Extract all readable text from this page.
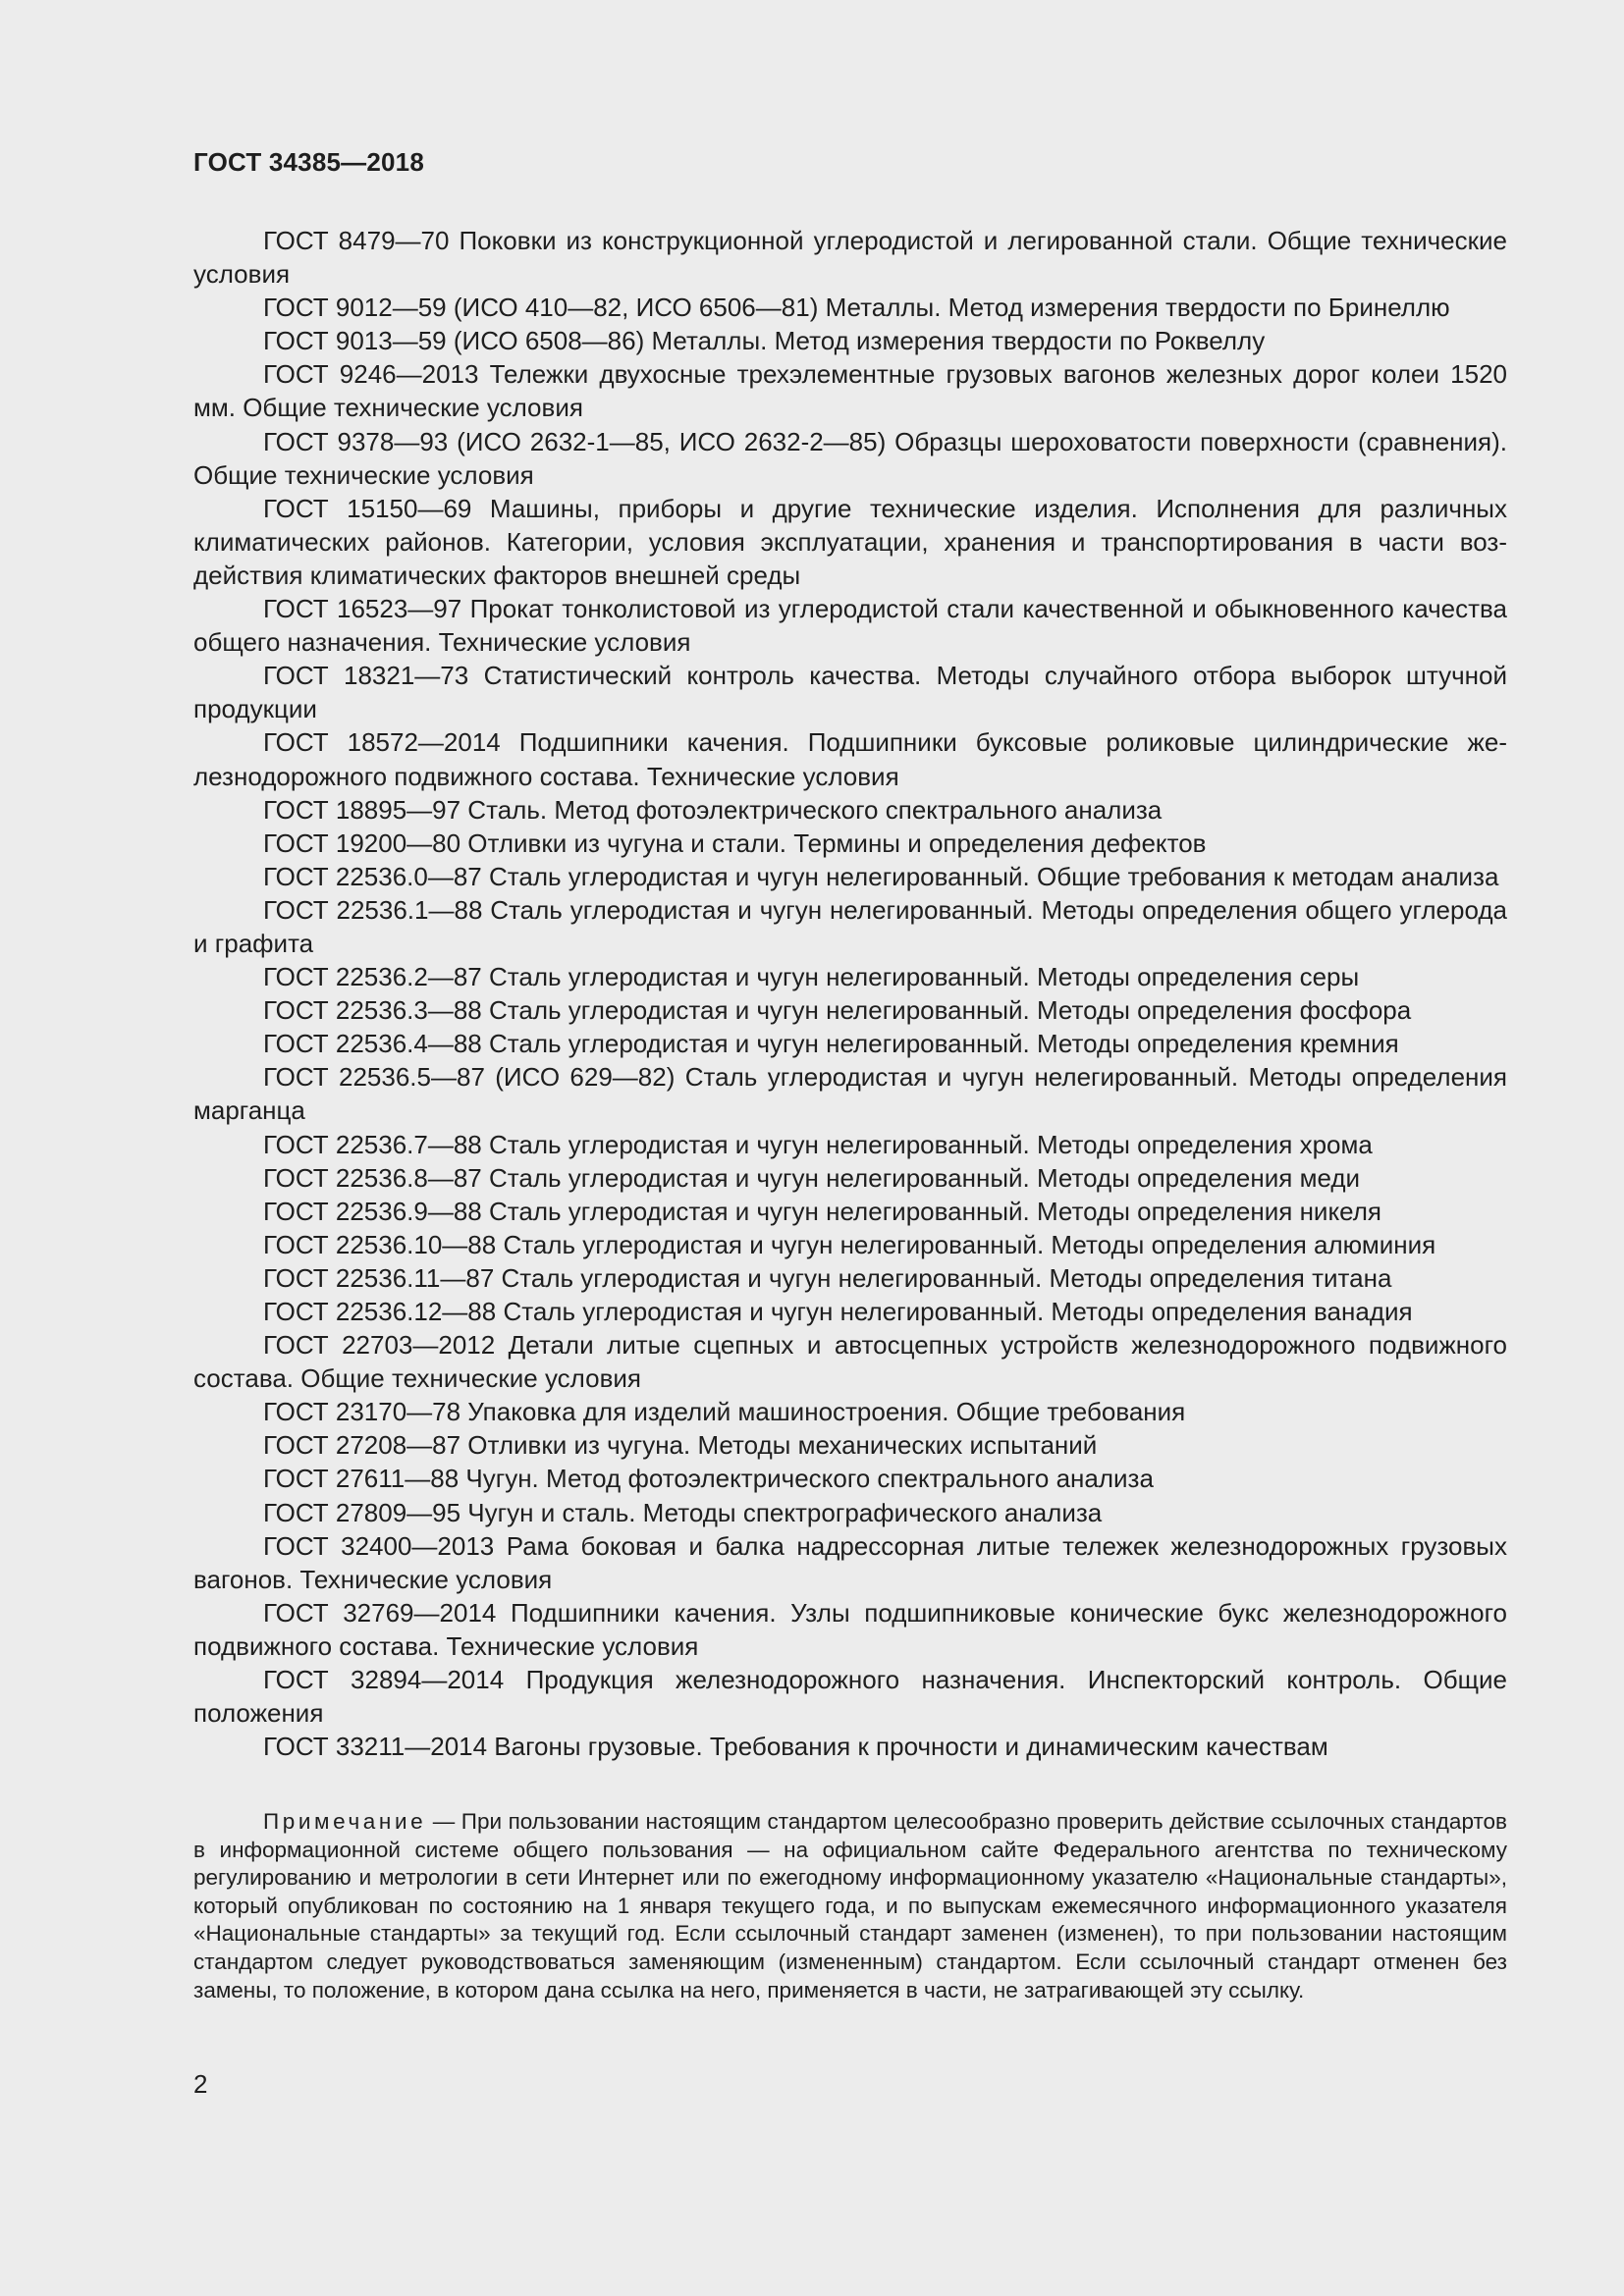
ГОСТ 34385—2018

ГОСТ 8479—70 Поковки из конструкционной углеродистой и легированной стали. Общие технические условия

ГОСТ 9012—59 (ИСО 410—82, ИСО 6506—81) Металлы. Метод измерения твердости по Бринеллю

ГОСТ 9013—59 (ИСО 6508—86) Металлы. Метод измерения твердости по Роквеллу

ГОСТ 9246—2013 Тележки двухосные трехэлементные грузовых вагонов железных дорог колеи 1520 мм. Общие технические условия

ГОСТ 9378—93 (ИСО 2632-1—85, ИСО 2632-2—85) Образцы шероховатости поверхности (сравнения). Общие технические условия

ГОСТ 15150—69 Машины, приборы и другие технические изделия. Исполнения для различных климатических районов. Категории, условия эксплуатации, хранения и транспортирования в части воздействия климатических факторов внешней среды

ГОСТ 16523—97 Прокат тонколистовой из углеродистой стали качественной и обыкновенного качества общего назначения. Технические условия

ГОСТ 18321—73 Статистический контроль качества. Методы случайного отбора выборок штучной продукции

ГОСТ 18572—2014 Подшипники качения. Подшипники буксовые роликовые цилиндрические железнодорожного подвижного состава. Технические условия

ГОСТ 18895—97 Сталь. Метод фотоэлектрического спектрального анализа

ГОСТ 19200—80 Отливки из чугуна и стали. Термины и определения дефектов

ГОСТ 22536.0—87 Сталь углеродистая и чугун нелегированный. Общие требования к методам анализа

ГОСТ 22536.1—88 Сталь углеродистая и чугун нелегированный. Методы определения общего углерода и графита

ГОСТ 22536.2—87 Сталь углеродистая и чугун нелегированный. Методы определения серы

ГОСТ 22536.3—88 Сталь углеродистая и чугун нелегированный. Методы определения фосфора

ГОСТ 22536.4—88 Сталь углеродистая и чугун нелегированный. Методы определения кремния

ГОСТ 22536.5—87 (ИСО 629—82) Сталь углеродистая и чугун нелегированный. Методы определения марганца

ГОСТ 22536.7—88 Сталь углеродистая и чугун нелегированный. Методы определения хрома

ГОСТ 22536.8—87 Сталь углеродистая и чугун нелегированный. Методы определения меди

ГОСТ 22536.9—88 Сталь углеродистая и чугун нелегированный. Методы определения никеля

ГОСТ 22536.10—88 Сталь углеродистая и чугун нелегированный. Методы определения алюминия

ГОСТ 22536.11—87 Сталь углеродистая и чугун нелегированный. Методы определения титана

ГОСТ 22536.12—88 Сталь углеродистая и чугун нелегированный. Методы определения ванадия

ГОСТ 22703—2012 Детали литые сцепных и автосцепных устройств железнодорожного подвижного состава. Общие технические условия

ГОСТ 23170—78 Упаковка для изделий машиностроения. Общие требования

ГОСТ 27208—87 Отливки из чугуна. Методы механических испытаний

ГОСТ 27611—88 Чугун. Метод фотоэлектрического спектрального анализа

ГОСТ 27809—95 Чугун и сталь. Методы спектрографического анализа

ГОСТ 32400—2013 Рама боковая и балка надрессорная литые тележек железнодорожных грузовых вагонов. Технические условия

ГОСТ 32769—2014 Подшипники качения. Узлы подшипниковые конические букс железнодорожного подвижного состава. Технические условия

ГОСТ 32894—2014 Продукция железнодорожного назначения. Инспекторский контроль. Общие положения

ГОСТ 33211—2014 Вагоны грузовые. Требования к прочности и динамическим качествам

Примечание — При пользовании настоящим стандартом целесообразно проверить действие ссылочных стандартов в информационной системе общего пользования — на официальном сайте Федерального агентства по техническому регулированию и метрологии в сети Интернет или по ежегодному информационному указателю «Национальные стандарты», который опубликован по состоянию на 1 января текущего года, и по выпускам ежемесячного информационного указателя «Национальные стандарты» за текущий год. Если ссылочный стандарт заменен (изменен), то при пользовании настоящим стандартом следует руководствоваться заменяющим (измененным) стандартом. Если ссылочный стандарт отменен без замены, то положение, в котором дана ссылка на него, применяется в части, не затрагивающей эту ссылку.
2
